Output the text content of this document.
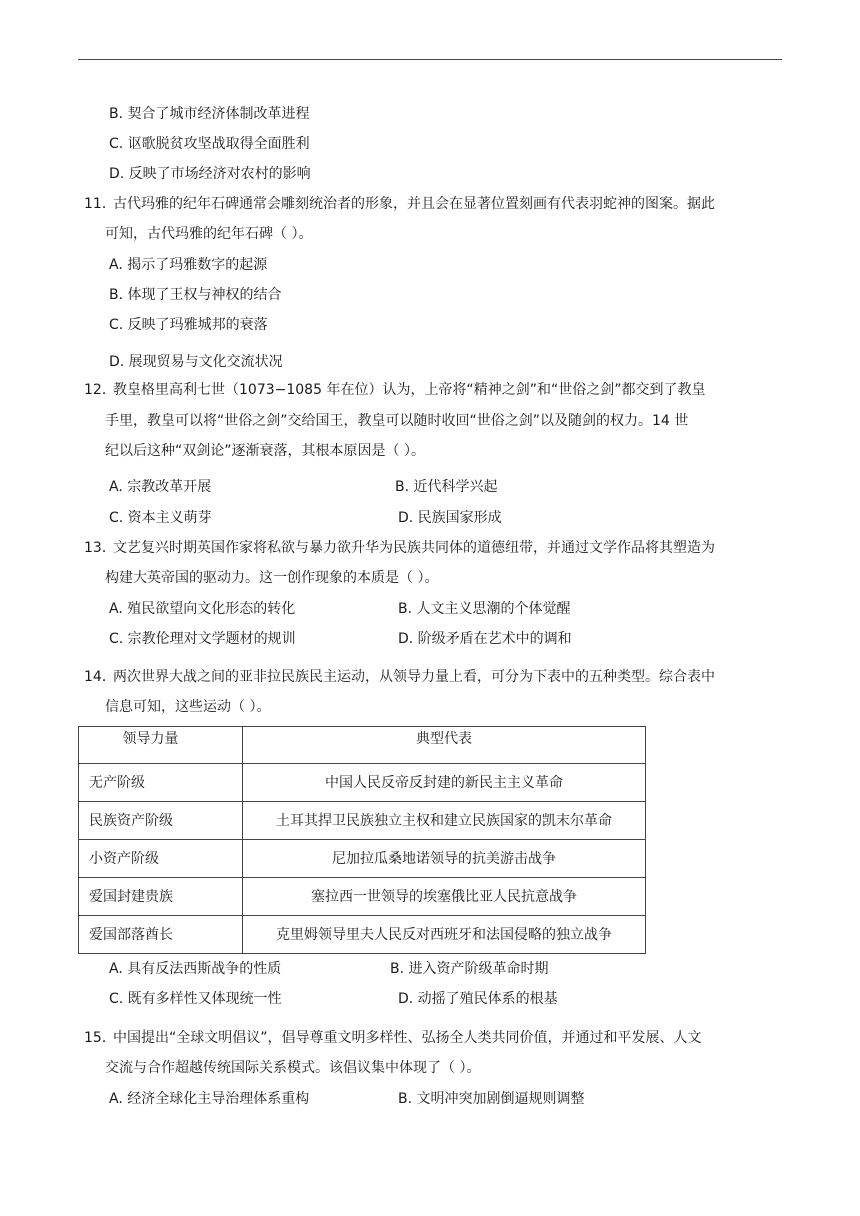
B. 契合了城市经济体制改革进程
C. 讴歌脱贫攻坚战取得全面胜利
D. 反映了市场经济对农村的影响
11．
古代玛雅的纪年石碑通常会雕刻统治者的形象，并且会在显著位置刻画有代表羽蛇神的图案。据此
可知，古代玛雅的纪年石碑（ ）。
A. 揭示了玛雅数字的起源
B. 体现了王权与神权的结合
C. 反映了玛雅城邦的衰落
D. 展现贸易与文化交流状况
12．
教皇格里高利七世（1073−1085 年在位）认为，上帝将“精神之剑”和“世俗之剑”都交到了教皇
手里，教皇可以将“世俗之剑”交给国王，教皇可以随时收回“世俗之剑”以及随剑的权力。14 世
纪以后这种“双剑论”逐渐衰落，其根本原因是（ ）。
A. 宗教改革开展	B. 近代科学兴起
C. 资本主义萌芽	D. 民族国家形成
13．
文艺复兴时期英国作家将私欲与暴力欲升华为民族共同体的道德纽带，并通过文学作品将其塑造为
构建大英帝国的驱动力。这一创作现象的本质是（ ）。
A. 殖民欲望向文化形态的转化	B. 人文主义思潮的个体觉醒
C. 宗教伦理对文学题材的规训	D. 阶级矛盾在艺术中的调和
14．
两次世界大战之间的亚非拉民族民主运动，从领导力量上看，可分为下表中的五种类型。综合表中
信息可知，这些运动（ ）。
领导力量	典型代表
无产阶级	中国人民反帝反封建的新民主主义革命
民族资产阶级	土耳其捍卫民族独立主权和建立民族国家的凯末尔革命
小资产阶级	尼加拉瓜桑地诺领导的抗美游击战争
爱国封建贵族	塞拉西一世领导的埃塞俄比亚人民抗意战争
爱国部落酋长	克里姆领导里夫人民反对西班牙和法国侵略的独立战争
A. 具有反法西斯战争的性质	B. 进入资产阶级革命时期
C. 既有多样性又体现统一性	D. 动摇了殖民体系的根基
15．
中国提出“全球文明倡议”，倡导尊重文明多样性、弘扬全人类共同价值，并通过和平发展、人文
交流与合作超越传统国际关系模式。该倡议集中体现了（ ）。
A. 经济全球化主导治理体系重构	B. 文明冲突加剧倒逼规则调整
